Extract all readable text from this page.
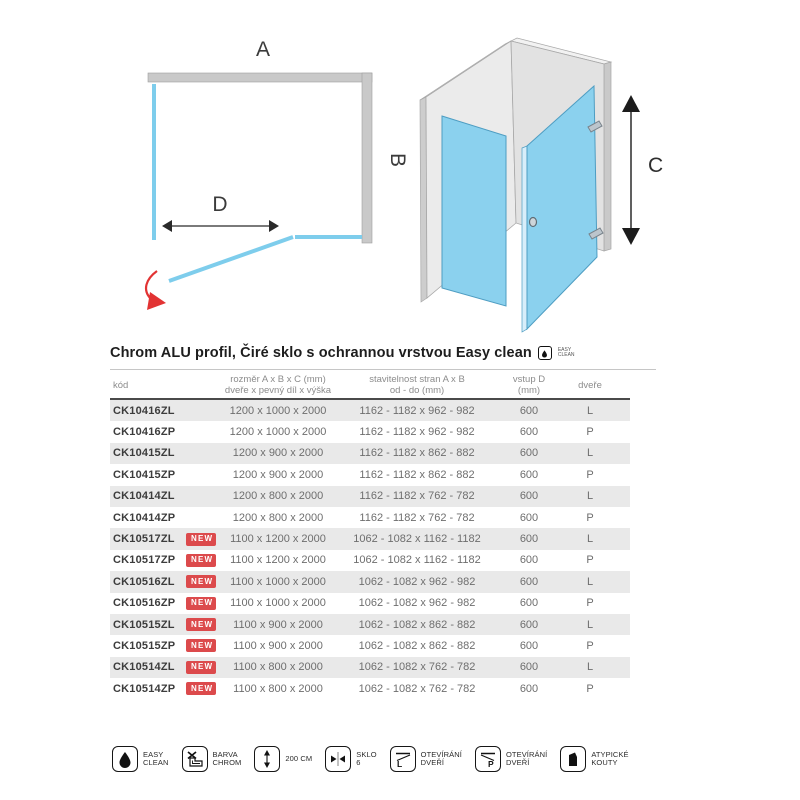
A
B
D
C
Chrom ALU profil, Čiré sklo s ochrannou vrstvou Easy clean	EASY
CLEAN
kód	rozměr A x B x C (mm)
dveře x pevný díl x výška
stavitelnost stran A x B
od - do (mm)
vstup D
(mm)	dveře
CK10416ZL	1200 x 1000 x 2000	1162 - 1182 x 962 - 982	600	L
CK10416ZP	1200 x 1000 x 2000	1162 - 1182 x 962 - 982	600	P
CK10415ZL	1200 x 900 x 2000	1162 - 1182 x 862 - 882	600	L
CK10415ZP	1200 x 900 x 2000	1162 - 1182 x 862 - 882	600	P
CK10414ZL	1200 x 800 x 2000	1162 - 1182 x 762 - 782	600	L
CK10414ZP	1200 x 800 x 2000	1162 - 1182 x 762 - 782	600	P
CK10517ZL	NEW	1100 x 1200 x 2000	1062 - 1082 x 1162 - 1182	600	L
CK10517ZP	NEW	1100 x 1200 x 2000	1062 - 1082 x 1162 - 1182	600	P
CK10516ZL	NEW	1100 x 1000 x 2000	1062 - 1082 x 962 - 982	600	L
CK10516ZP	NEW	1100 x 1000 x 2000	1062 - 1082 x 962 - 982	600	P
CK10515ZL	NEW	1100 x 900 x 2000	1062 - 1082 x 862 - 882	600	L
CK10515ZP	NEW	1100 x 900 x 2000	1062 - 1082 x 862 - 882	600	P
CK10514ZL	NEW	1100 x 800 x 2000	1062 - 1082 x 762 - 782	600	L
CK10514ZP	NEW	1100 x 800 x 2000	1062 - 1082 x 762 - 782	600	P
EASY
CLEAN
BARVA
CHROM	200 CM	SKLO
6	L
OTEVÍRÁNÍ
DVEŘÍ	P
OTEVÍRÁNÍ
DVEŘÍ
ATYPICKÉ
KOUTY
